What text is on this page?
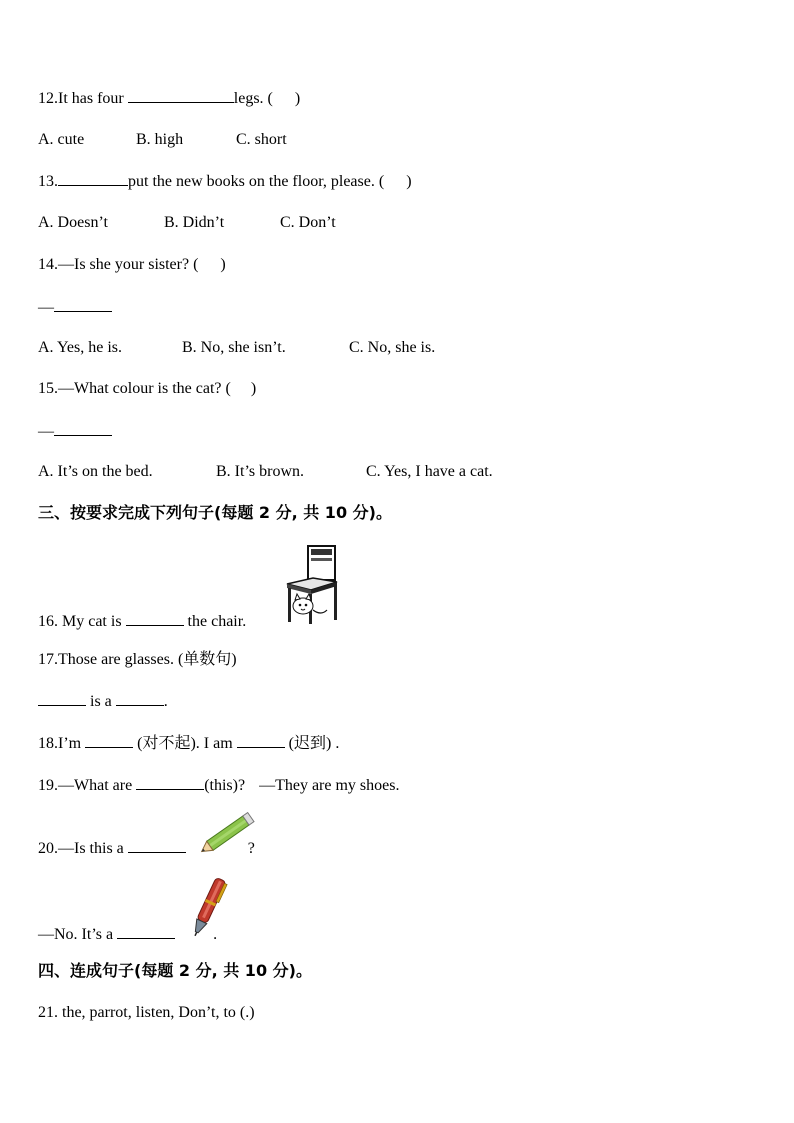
12.It has four	legs. ( )
A. cute	B. high	C. short
13.	put the new books on the floor, please. ( )
A. Doesn’t	B. Didn’t	C. Don’t
14.—Is she your sister? ( )
—
A. Yes, he is.	B. No, she isn’t.	C. No, she is.
15.—What colour is the cat? ( )
—
A. It’s on the bed.	B. It’s brown.	C. Yes, I have a cat.
三、按要求完成下列句子(每题 2 分, 共 10 分)。
16. My cat is	the chair.
17.Those are glasses. (单数句)
is a	.
18.I’m	(对不起). I am	(迟到) .
19.—What are	(this)? —They are my shoes.
20.—Is this a	?
—No. It’s a	.
四、连成句子(每题 2 分, 共 10 分)。
21. the, parrot, listen, Don’t, to (.)
